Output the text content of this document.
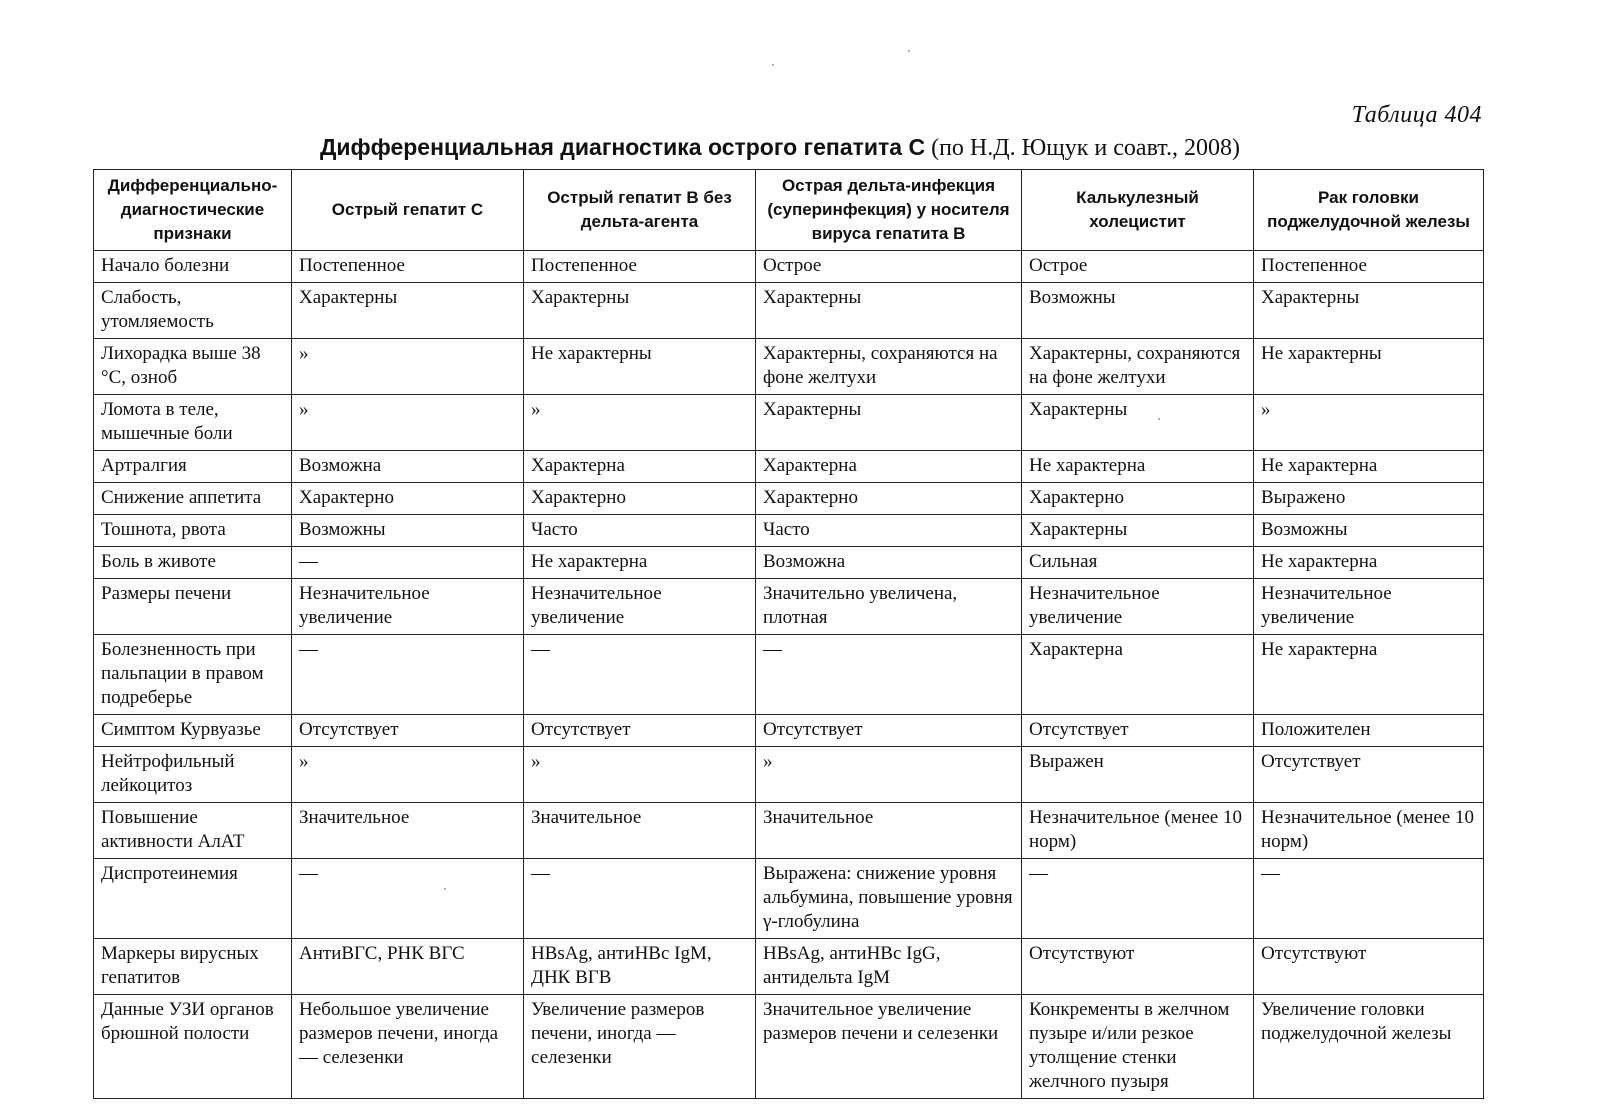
Таблица 404
Дифференциальная диагностика острого гепатита С (по Н.Д. Ющук и соавт., 2008)
Дифференциально-диагностические признаки	Острый гепатит С	Острый гепатит В без дельта-агента	Острая дельта-инфекция (суперинфекция) у носителя вируса гепатита В	Калькулезный холецистит	Рак головки поджелудочной железы
Начало болезни	Постепенное	Постепенное	Острое	Острое	Постепенное
Слабость, утомляемость	Характерны	Характерны	Характерны	Возможны	Характерны
Лихорадка выше 38 °С, озноб	»	Не характерны	Характерны, сохраняются на фоне желтухи	Характерны, сохраняются на фоне желтухи	Не характерны
Ломота в теле, мышечные боли	»	»	Характерны	Характерны	»
Артралгия	Возможна	Характерна	Характерна	Не характерна	Не характерна
Снижение аппетита	Характерно	Характерно	Характерно	Характерно	Выражено
Тошнота, рвота	Возможны	Часто	Часто	Характерны	Возможны
Боль в животе	—	Не характерна	Возможна	Сильная	Не характерна
Размеры печени	Незначительное увеличение	Незначительное увеличение	Значительно увеличена, плотная	Незначительное увеличение	Незначительное увеличение
Болезненность при пальпации в правом подреберье	—	—	—	Характерна	Не характерна
Симптом Курвуазье	Отсутствует	Отсутствует	Отсутствует	Отсутствует	Положителен
Нейтрофильный лейкоцитоз	»	»	»	Выражен	Отсутствует
Повышение активности АлАТ	Значительное	Значительное	Значительное	Незначительное (менее 10 норм)	Незначительное (менее 10 норм)
Диспротеинемия	—	—	Выражена: снижение уровня альбумина, повышение уровня γ-глобулина	—	—
Маркеры вирусных гепатитов	АнтиВГС, РНК ВГС	HBsAg, антиHBc IgM, ДНК ВГВ	HBsAg, антиHBc IgG, антидельта IgM	Отсутствуют	Отсутствуют
Данные УЗИ органов брюшной полости	Небольшое увеличение размеров печени, иногда — селезенки	Увеличение размеров печени, иногда — селезенки	Значительное увеличение размеров печени и селезенки	Конкременты в желчном пузыре и/или резкое утолщение стенки желчного пузыря	Увеличение головки поджелудочной железы
